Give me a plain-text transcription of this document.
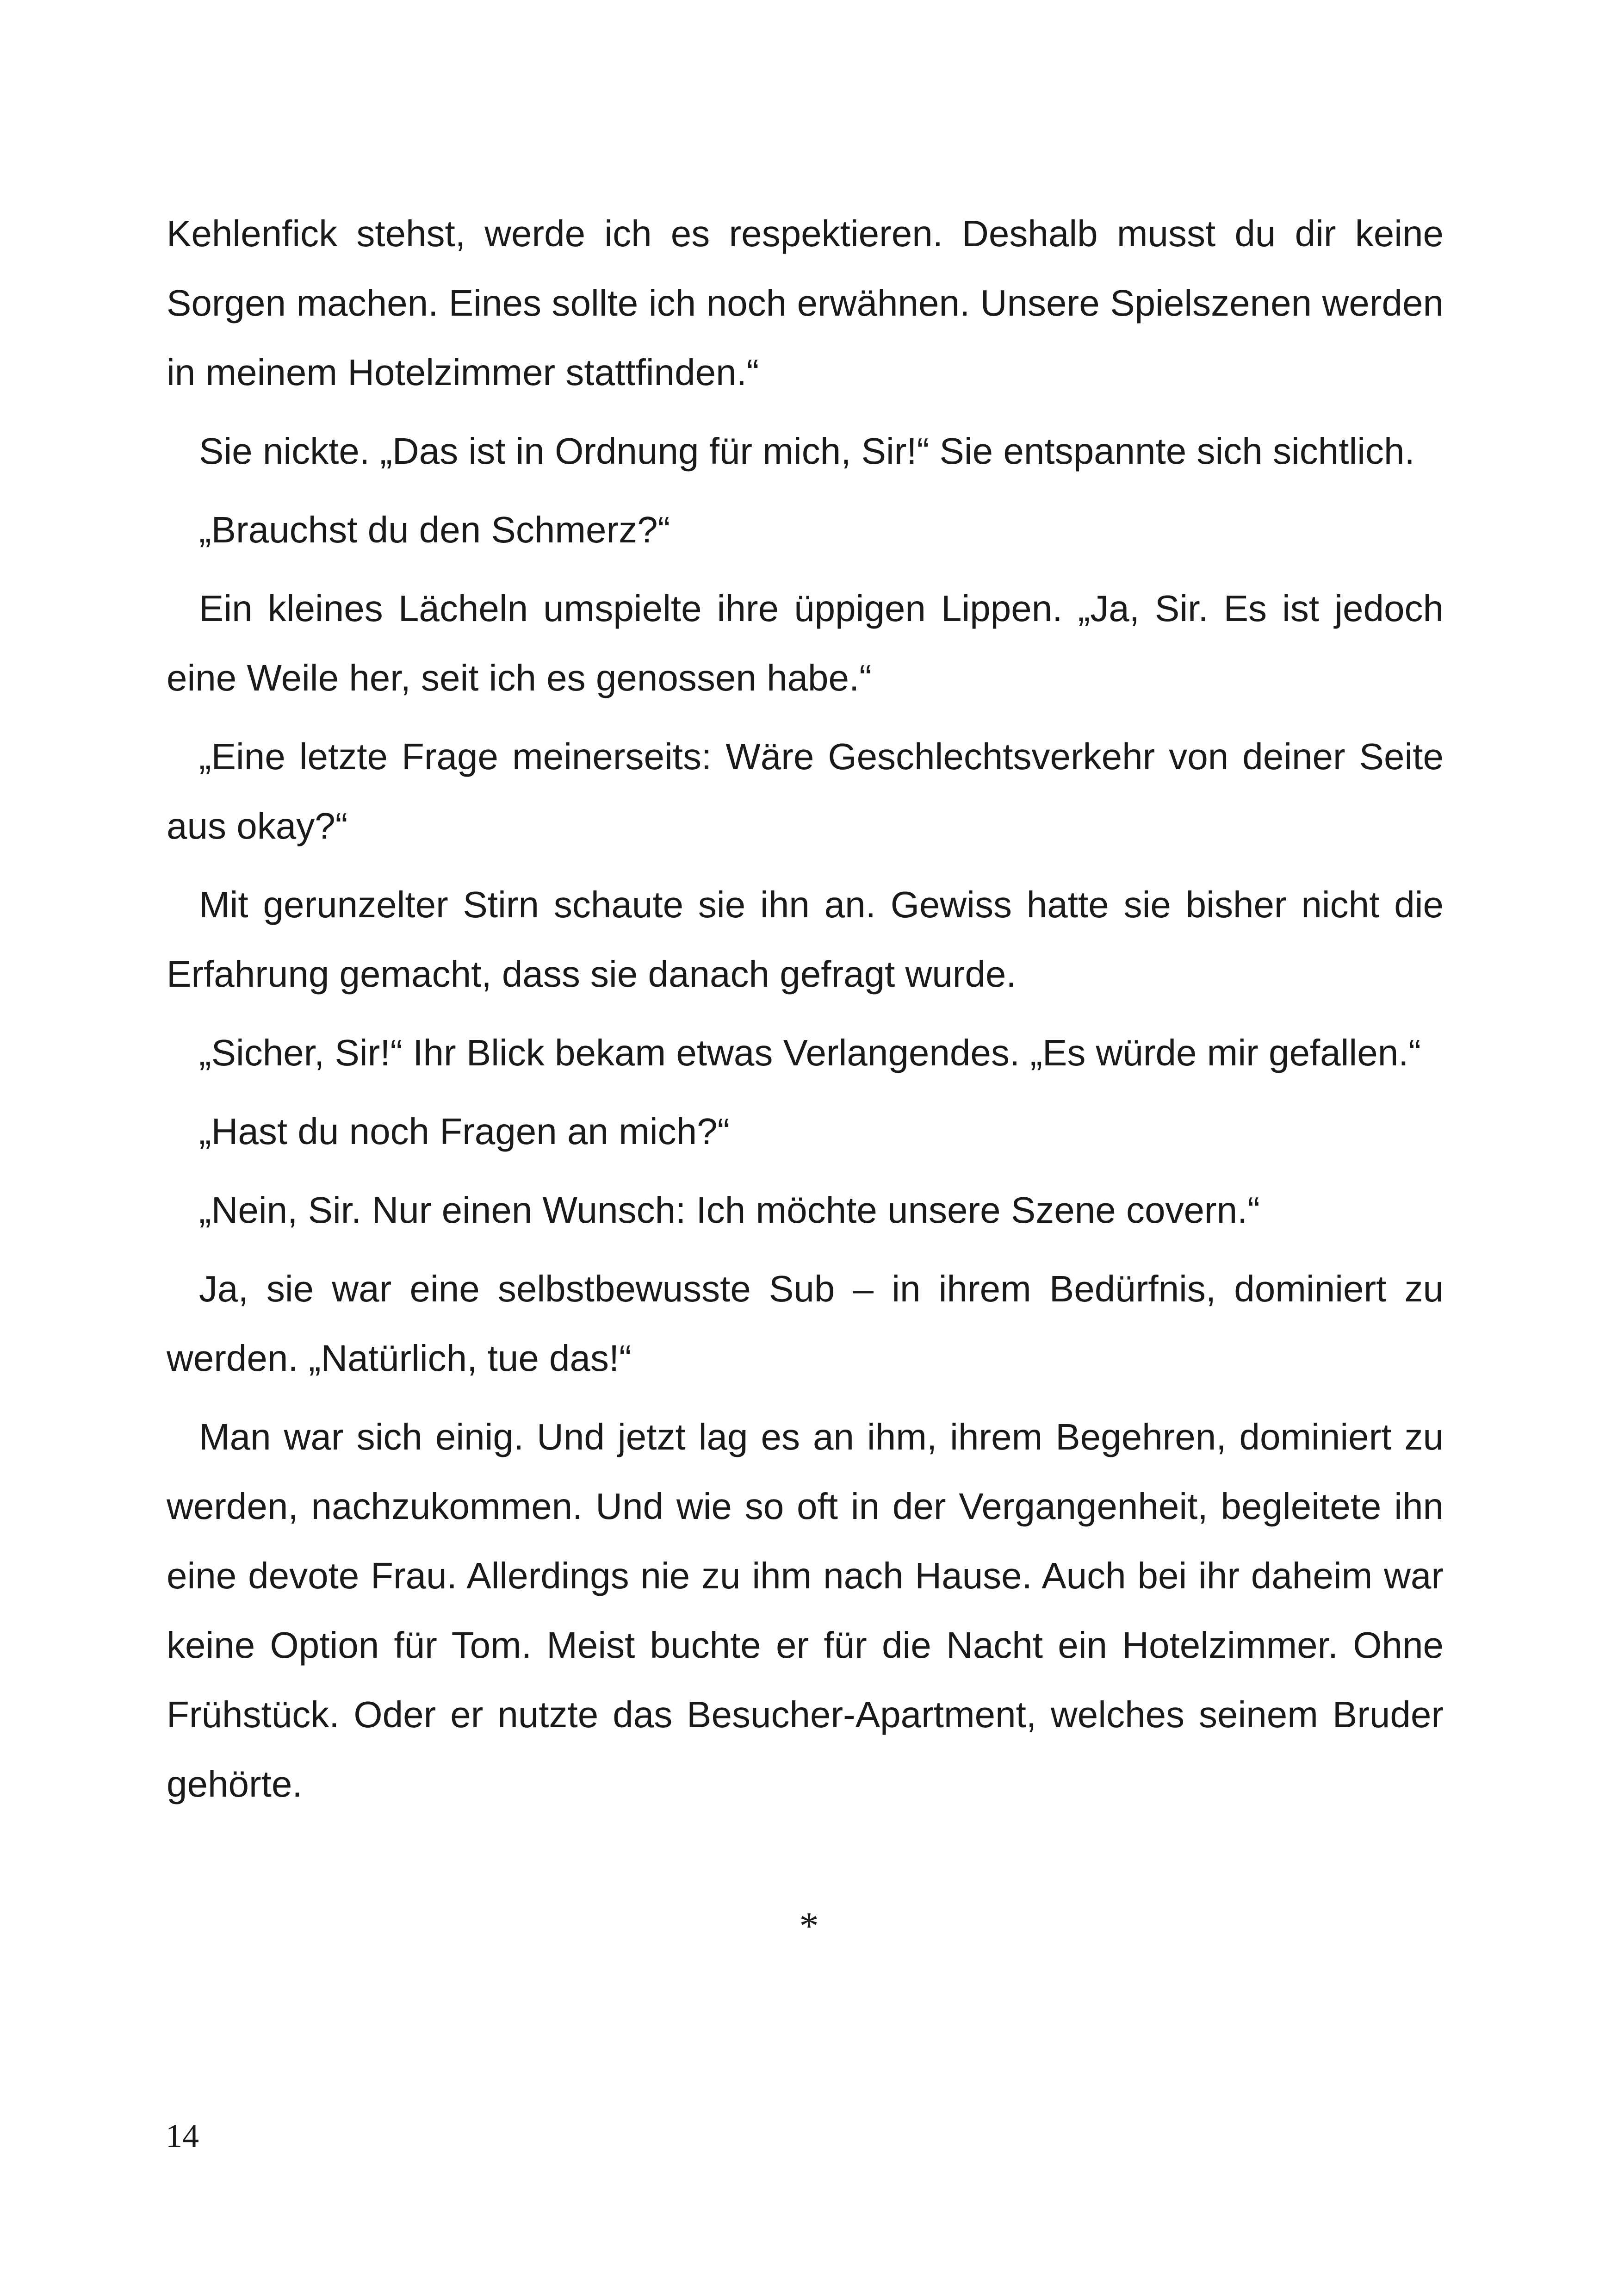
Kehlenfick stehst, werde ich es respektieren. Deshalb musst du dir keine Sorgen machen. Eines sollte ich noch erwähnen. Unsere Spielszenen werden in meinem Hotelzimmer stattfinden.“

Sie nickte. „Das ist in Ordnung für mich, Sir!“ Sie entspannte sich sichtlich.

„Brauchst du den Schmerz?“

Ein kleines Lächeln umspielte ihre üppigen Lippen. „Ja, Sir. Es ist jedoch eine Weile her, seit ich es genossen habe.“

„Eine letzte Frage meinerseits: Wäre Geschlechtsverkehr von deiner Seite aus okay?“

Mit gerunzelter Stirn schaute sie ihn an. Gewiss hatte sie bisher nicht die Erfahrung gemacht, dass sie danach gefragt wurde.

„Sicher, Sir!“ Ihr Blick bekam etwas Verlangendes. „Es würde mir gefallen.“

„Hast du noch Fragen an mich?“

„Nein, Sir. Nur einen Wunsch: Ich möchte unsere Szene covern.“

Ja, sie war eine selbstbewusste Sub – in ihrem Bedürfnis, dominiert zu werden. „Natürlich, tue das!“

Man war sich einig. Und jetzt lag es an ihm, ihrem Begehren, dominiert zu werden, nachzukommen. Und wie so oft in der Vergangenheit, begleitete ihn eine devote Frau. Allerdings nie zu ihm nach Hause. Auch bei ihr daheim war keine Option für Tom. Meist buchte er für die Nacht ein Hotelzimmer. Ohne Frühstück. Oder er nutzte das Besucher-Apartment, welches seinem Bruder gehörte.

*
14
